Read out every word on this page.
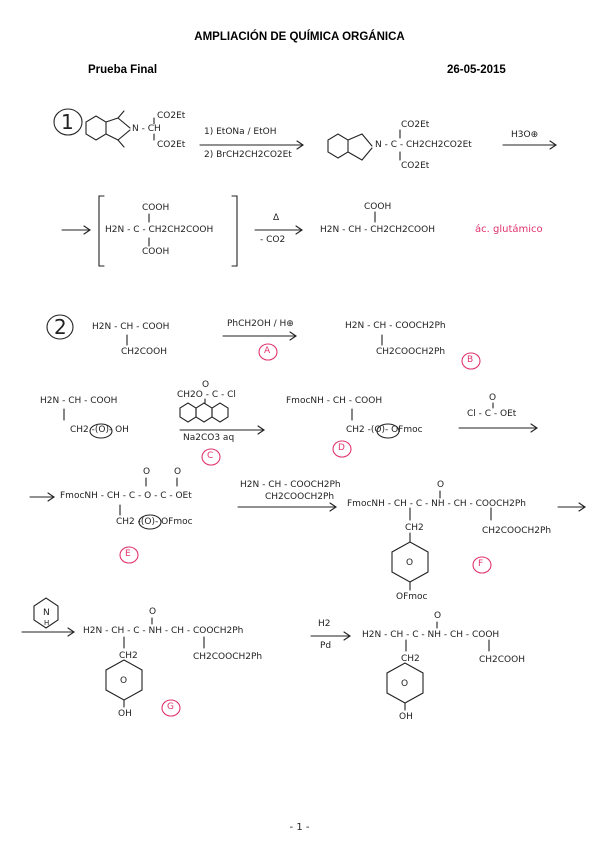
AMPLIACIÓN DE QUÍMICA ORGÁNICA
Prueba Final	26-05-2015
1	CO2Et
N - CH
CO2Et
1) EtONa / EtOH
2) BrCH2CH2CO2Et
CO2Et
N - C - CH2CH2CO2Et
CO2Et
H3O⊕
COOH
H2N - C - CH2CH2COOH
COOH
Δ
- CO2
COOH
H2N - CH - CH2CH2COOH	ác. glutámico
2	H2N - CH - COOH
CH2COOH
PhCH2OH / H⊕
A
H2N - CH - COOCH2Ph
CH2COOCH2Ph
B
H2N - CH - COOH
CH2 -(O)- OH
O
CH2O - C - Cl
Na2CO3 aq
C
FmocNH - CH - COOH
CH2 -(O)- OFmoc
D
O
Cl - C - OEt
O	O
FmocNH - CH - C - O - C - OEt
CH2 -(O)- OFmoc
E
H2N - CH - COOCH2Ph
CH2COOCH2Ph
O
FmocNH - CH - C - NH - CH - COOCH2Ph
CH2	CH2COOCH2Ph
O
OFmoc
F
N
H
O
H2N - CH - C - NH - CH - COOCH2Ph
CH2	CH2COOCH2Ph
O
OH
G
H2
Pd
O
H2N - CH - C - NH - CH - COOH
CH2	CH2COOH
O
OH
- 1 -
